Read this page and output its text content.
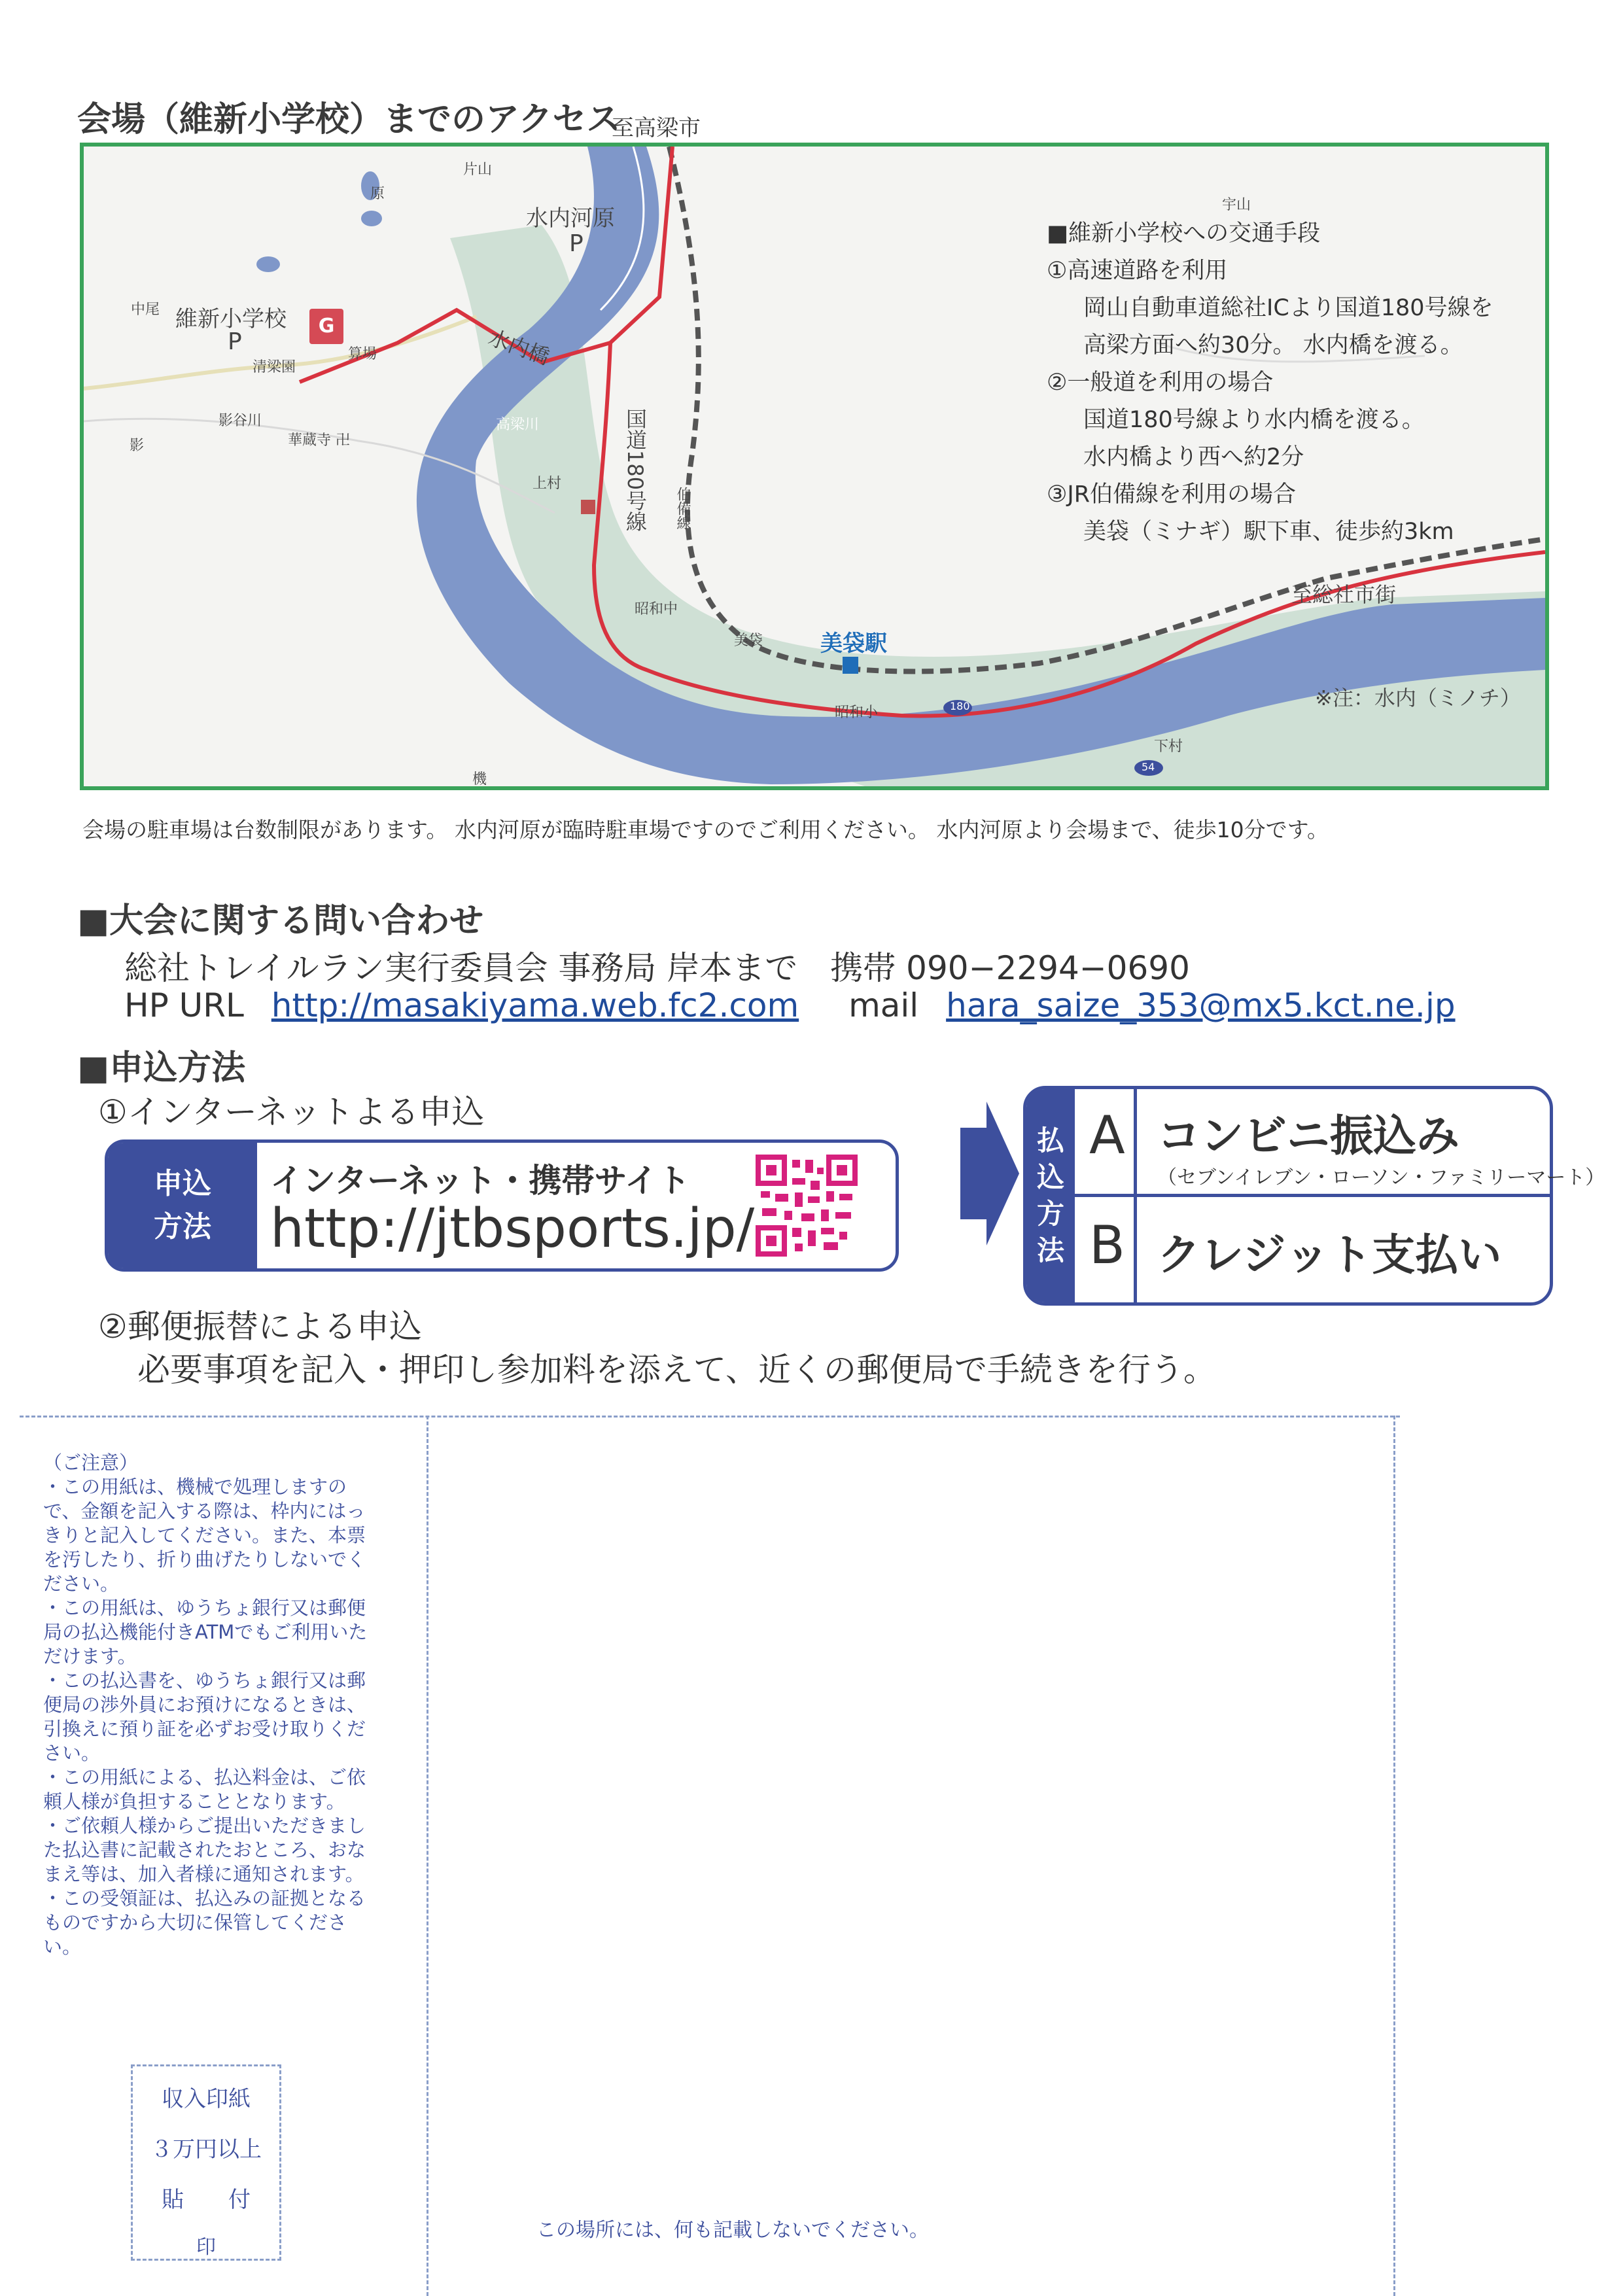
会場（維新小学校）までのアクセス
至高梁市
片山
原
宇山
水内河原
P
中尾 維新小学校	G
P
清梁園
算場
影谷川
影	華蔵寺 卍
水内橋
高梁川
上村	国道180号線 伯備線
昭和中
美袋	美袋駅
昭和小	180
54
下村
至総社市街
※注：水内（ミノチ）
機
■維新小学校への交通手段
①高速道路を利用
岡山自動車道総社ICより国道180号線を
高梁方面へ約30分。 水内橋を渡る。
②一般道を利用の場合
国道180号線より水内橋を渡る。
水内橋より西へ約2分
③JR伯備線を利用の場合
美袋（ミナギ）駅下車、徒歩約3km
会場の駐車場は台数制限があります。 水内河原が臨時駐車場ですのでご利用ください。 水内河原より会場まで、徒歩10分です。
■大会に関する問い合わせ
総社トレイルラン実行委員会 事務局 岸本まで　携帯 090−2294−0690
HP URL http://masakiyama.web.fc2.com mail hara_saize_353@mx5.kct.ne.jp
■申込方法
①インターネットよる申込
申込
方法
インターネット・携帯サイト
http://jtbsports.jp/
払
込
方
法
A コンビニ振込み
（セブンイレブン・ローソン・ファミリーマート）
B クレジット支払い
②郵便振替による申込
必要事項を記入・押印し参加料を添えて、近くの郵便局で手続きを行う。
（ご注意）
・この用紙は、機械で処理しますので、金額を記入する際は、枠内にはっきりと記入してください。また、本票を汚したり、折り曲げたりしないでください。
・この用紙は、ゆうちょ銀行又は郵便局の払込機能付きATMでもご利用いただけます。
・この払込書を、ゆうちょ銀行又は郵便局の渉外員にお預けになるときは、引換えに預り証を必ずお受け取りください。
・この用紙による、払込料金は、ご依頼人様が負担することとなります。
・ご依頼人様からご提出いただきました払込書に記載されたおところ、おなまえ等は、加入者様に通知されます。
・この受領証は、払込みの証拠となるものですから大切に保管してください。
収入印紙
３万円以上
貼　　付
印
この場所には、何も記載しないでください。
